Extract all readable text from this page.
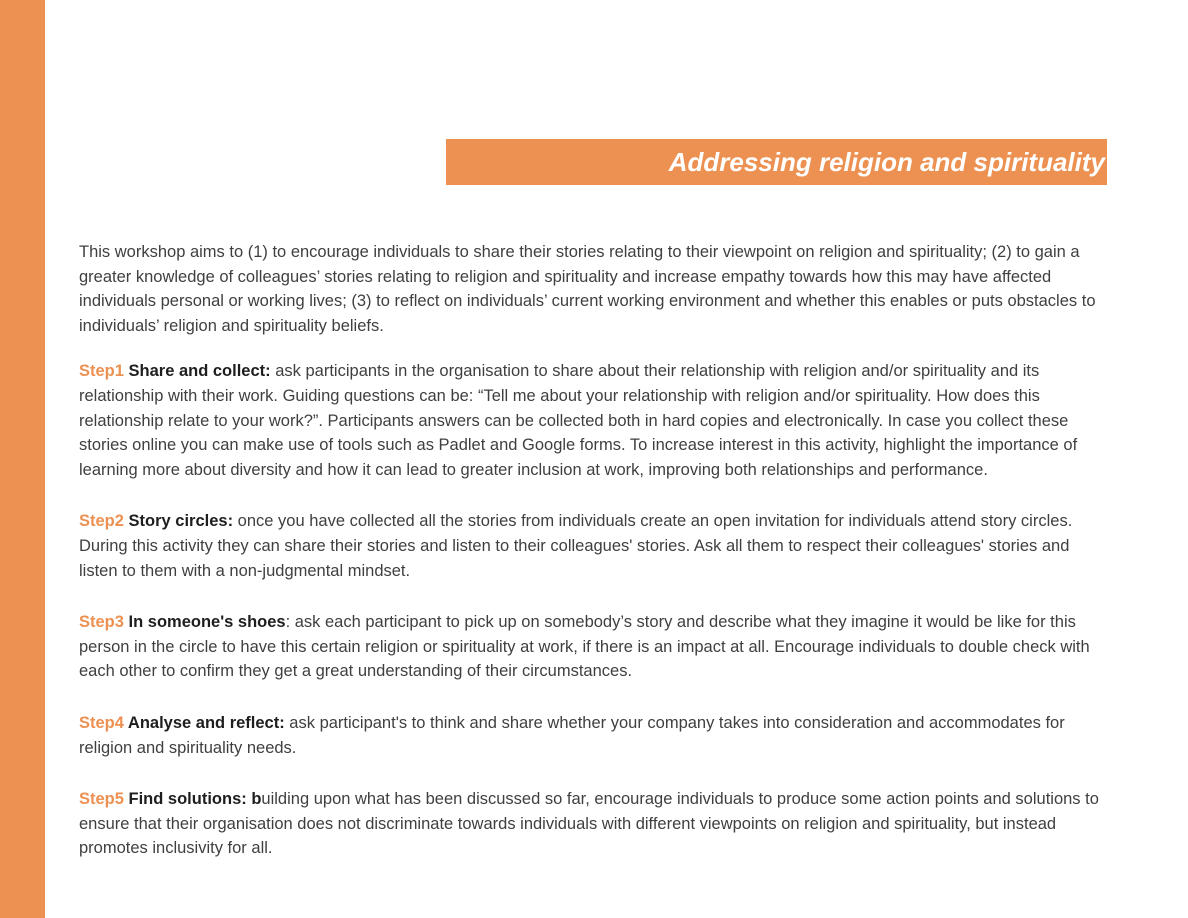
Addressing religion and spirituality

This workshop aims to (1) to encourage individuals to share their stories relating to their viewpoint on religion and spirituality; (2) to gain a greater knowledge of colleagues’ stories relating to religion and spirituality and increase empathy towards how this may have affected individuals personal or working lives; (3) to reflect on individuals’ current working environment and whether this enables or puts obstacles to individuals’ religion and spirituality beliefs.

Step1 Share and collect: ask participants in the organisation to share about their relationship with religion and/or spirituality and its relationship with their work. Guiding questions can be: “Tell me about your relationship with religion and/or spirituality. How does this relationship relate to your work?”. Participants answers can be collected both in hard copies and electronically. In case you collect these stories online you can make use of tools such as Padlet and Google forms. To increase interest in this activity, highlight the importance of learning more about diversity and how it can lead to greater inclusion at work, improving both relationships and performance.

Step2 Story circles: once you have collected all the stories from individuals create an open invitation for individuals attend story circles. During this activity they can share their stories and listen to their colleagues' stories. Ask all them to respect their colleagues' stories and listen to them with a non-judgmental mindset.

Step3 In someone's shoes: ask each participant to pick up on somebody’s story and describe what they imagine it would be like for this person in the circle to have this certain religion or spirituality at work, if there is an impact at all. Encourage individuals to double check with each other to confirm they get a great understanding of their circumstances.

Step4 Analyse and reflect: ask participant's to think and share whether your company takes into consideration and accommodates for religion and spirituality needs.

Step5 Find solutions: building upon what has been discussed so far, encourage individuals to produce some action points and solutions to ensure that their organisation does not discriminate towards individuals with different viewpoints on religion and spirituality, but instead promotes inclusivity for all.
